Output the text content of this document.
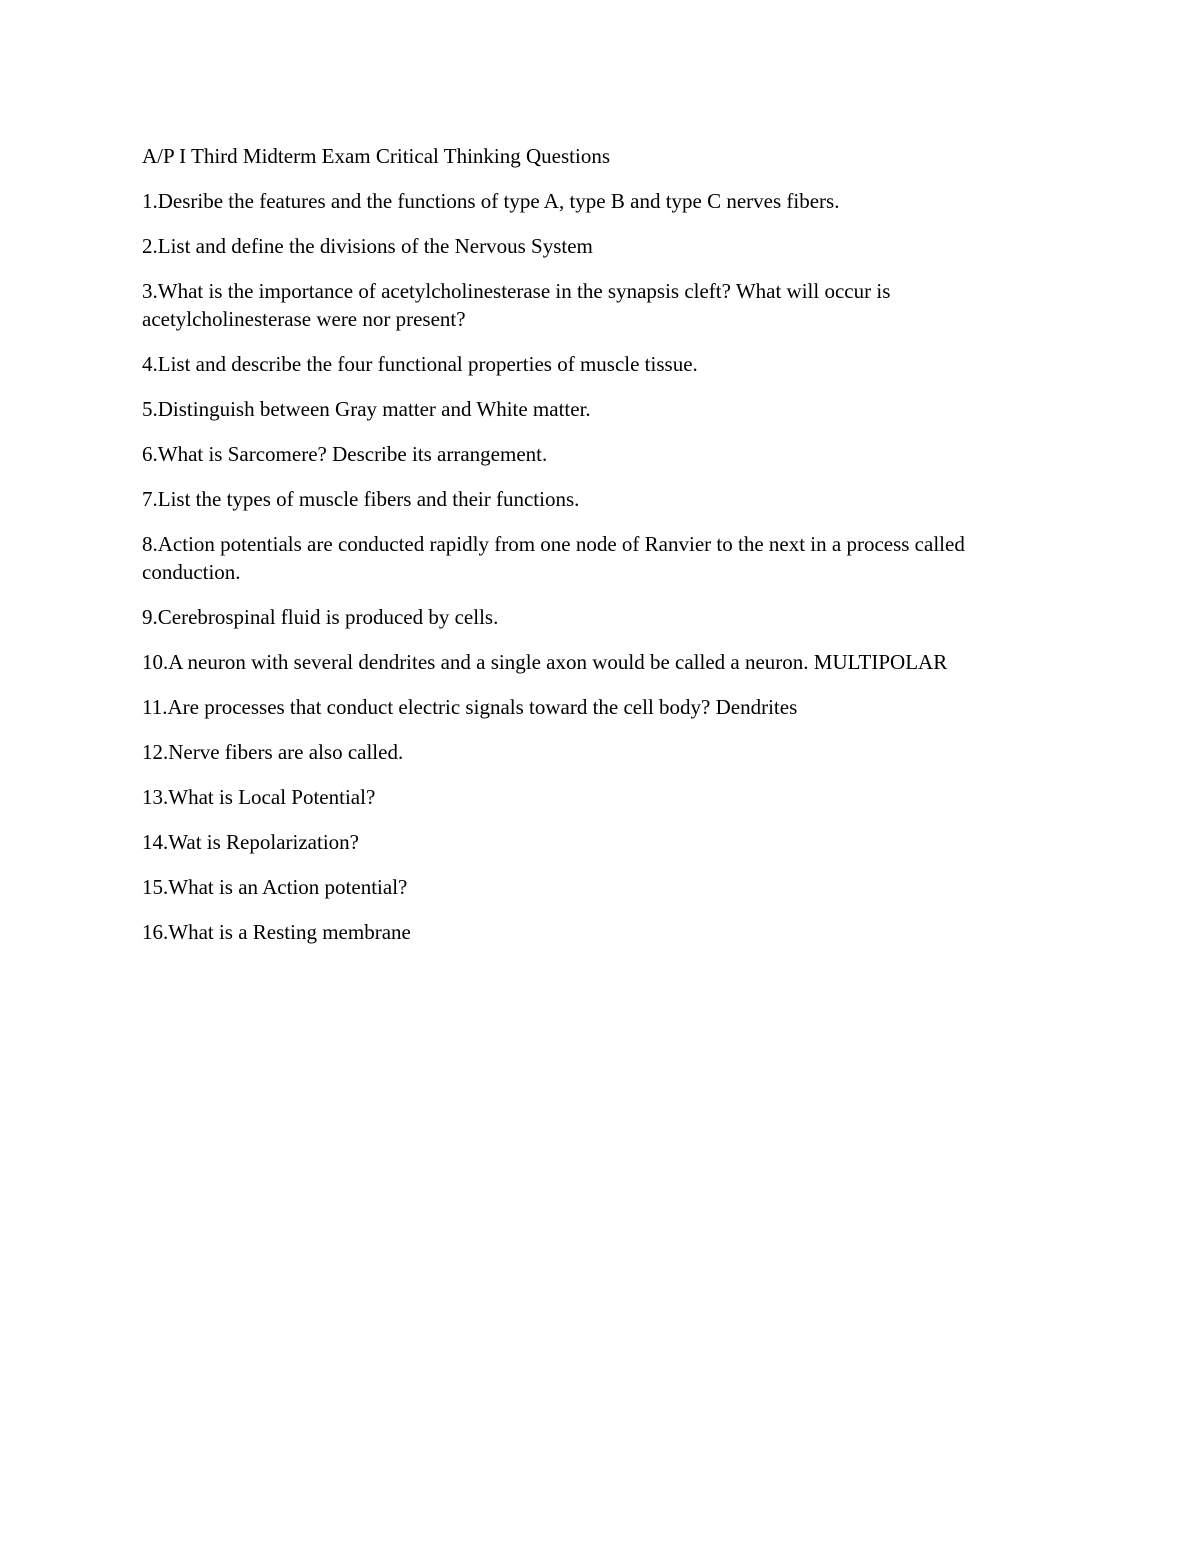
A/P I Third Midterm Exam Critical Thinking Questions

1.Desribe the features and the functions of type A, type B and type C nerves fibers.

2.List and define the divisions of the Nervous System

3.What is the importance of acetylcholinesterase in the synapsis cleft? What will occur is acetylcholinesterase were nor present?

4.List and describe the four functional properties of muscle tissue.

5.Distinguish between Gray matter and White matter.

6.What is Sarcomere? Describe its arrangement.

7.List the types of muscle fibers and their functions.

8.Action potentials are conducted rapidly from one node of Ranvier to the next in a process called conduction.

9.Cerebrospinal fluid is produced by cells.

10.A neuron with several dendrites and a single axon would be called a neuron. MULTIPOLAR

11.Are processes that conduct electric signals toward the cell body? Dendrites

12.Nerve fibers are also called.

13.What is Local Potential?

14.Wat is Repolarization?

15.What is an Action potential?

16.What is a Resting membrane
